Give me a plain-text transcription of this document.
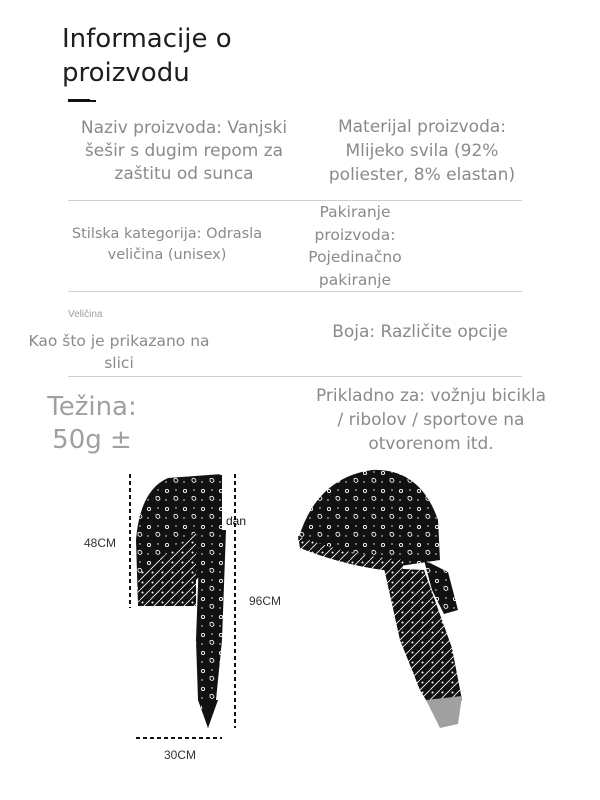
Informacije o proizvodu
Naziv proizvoda: Vanjski šešir s dugim repom za zaštitu od sunca
Materijal proizvoda: Mlijeko svila (92% poliester, 8% elastan)
Stilska kategorija: Odrasla veličina (unisex)
Pakiranje proizvoda: Pojedinačno pakiranje
Veličina
Kao što je prikazano na slici
Boja: Različite opcije
Težina: 50g ±
Prikladno za: vožnju bicikla / ribolov / sportove na otvorenom itd.
48CM
96CM
30CM
dan
